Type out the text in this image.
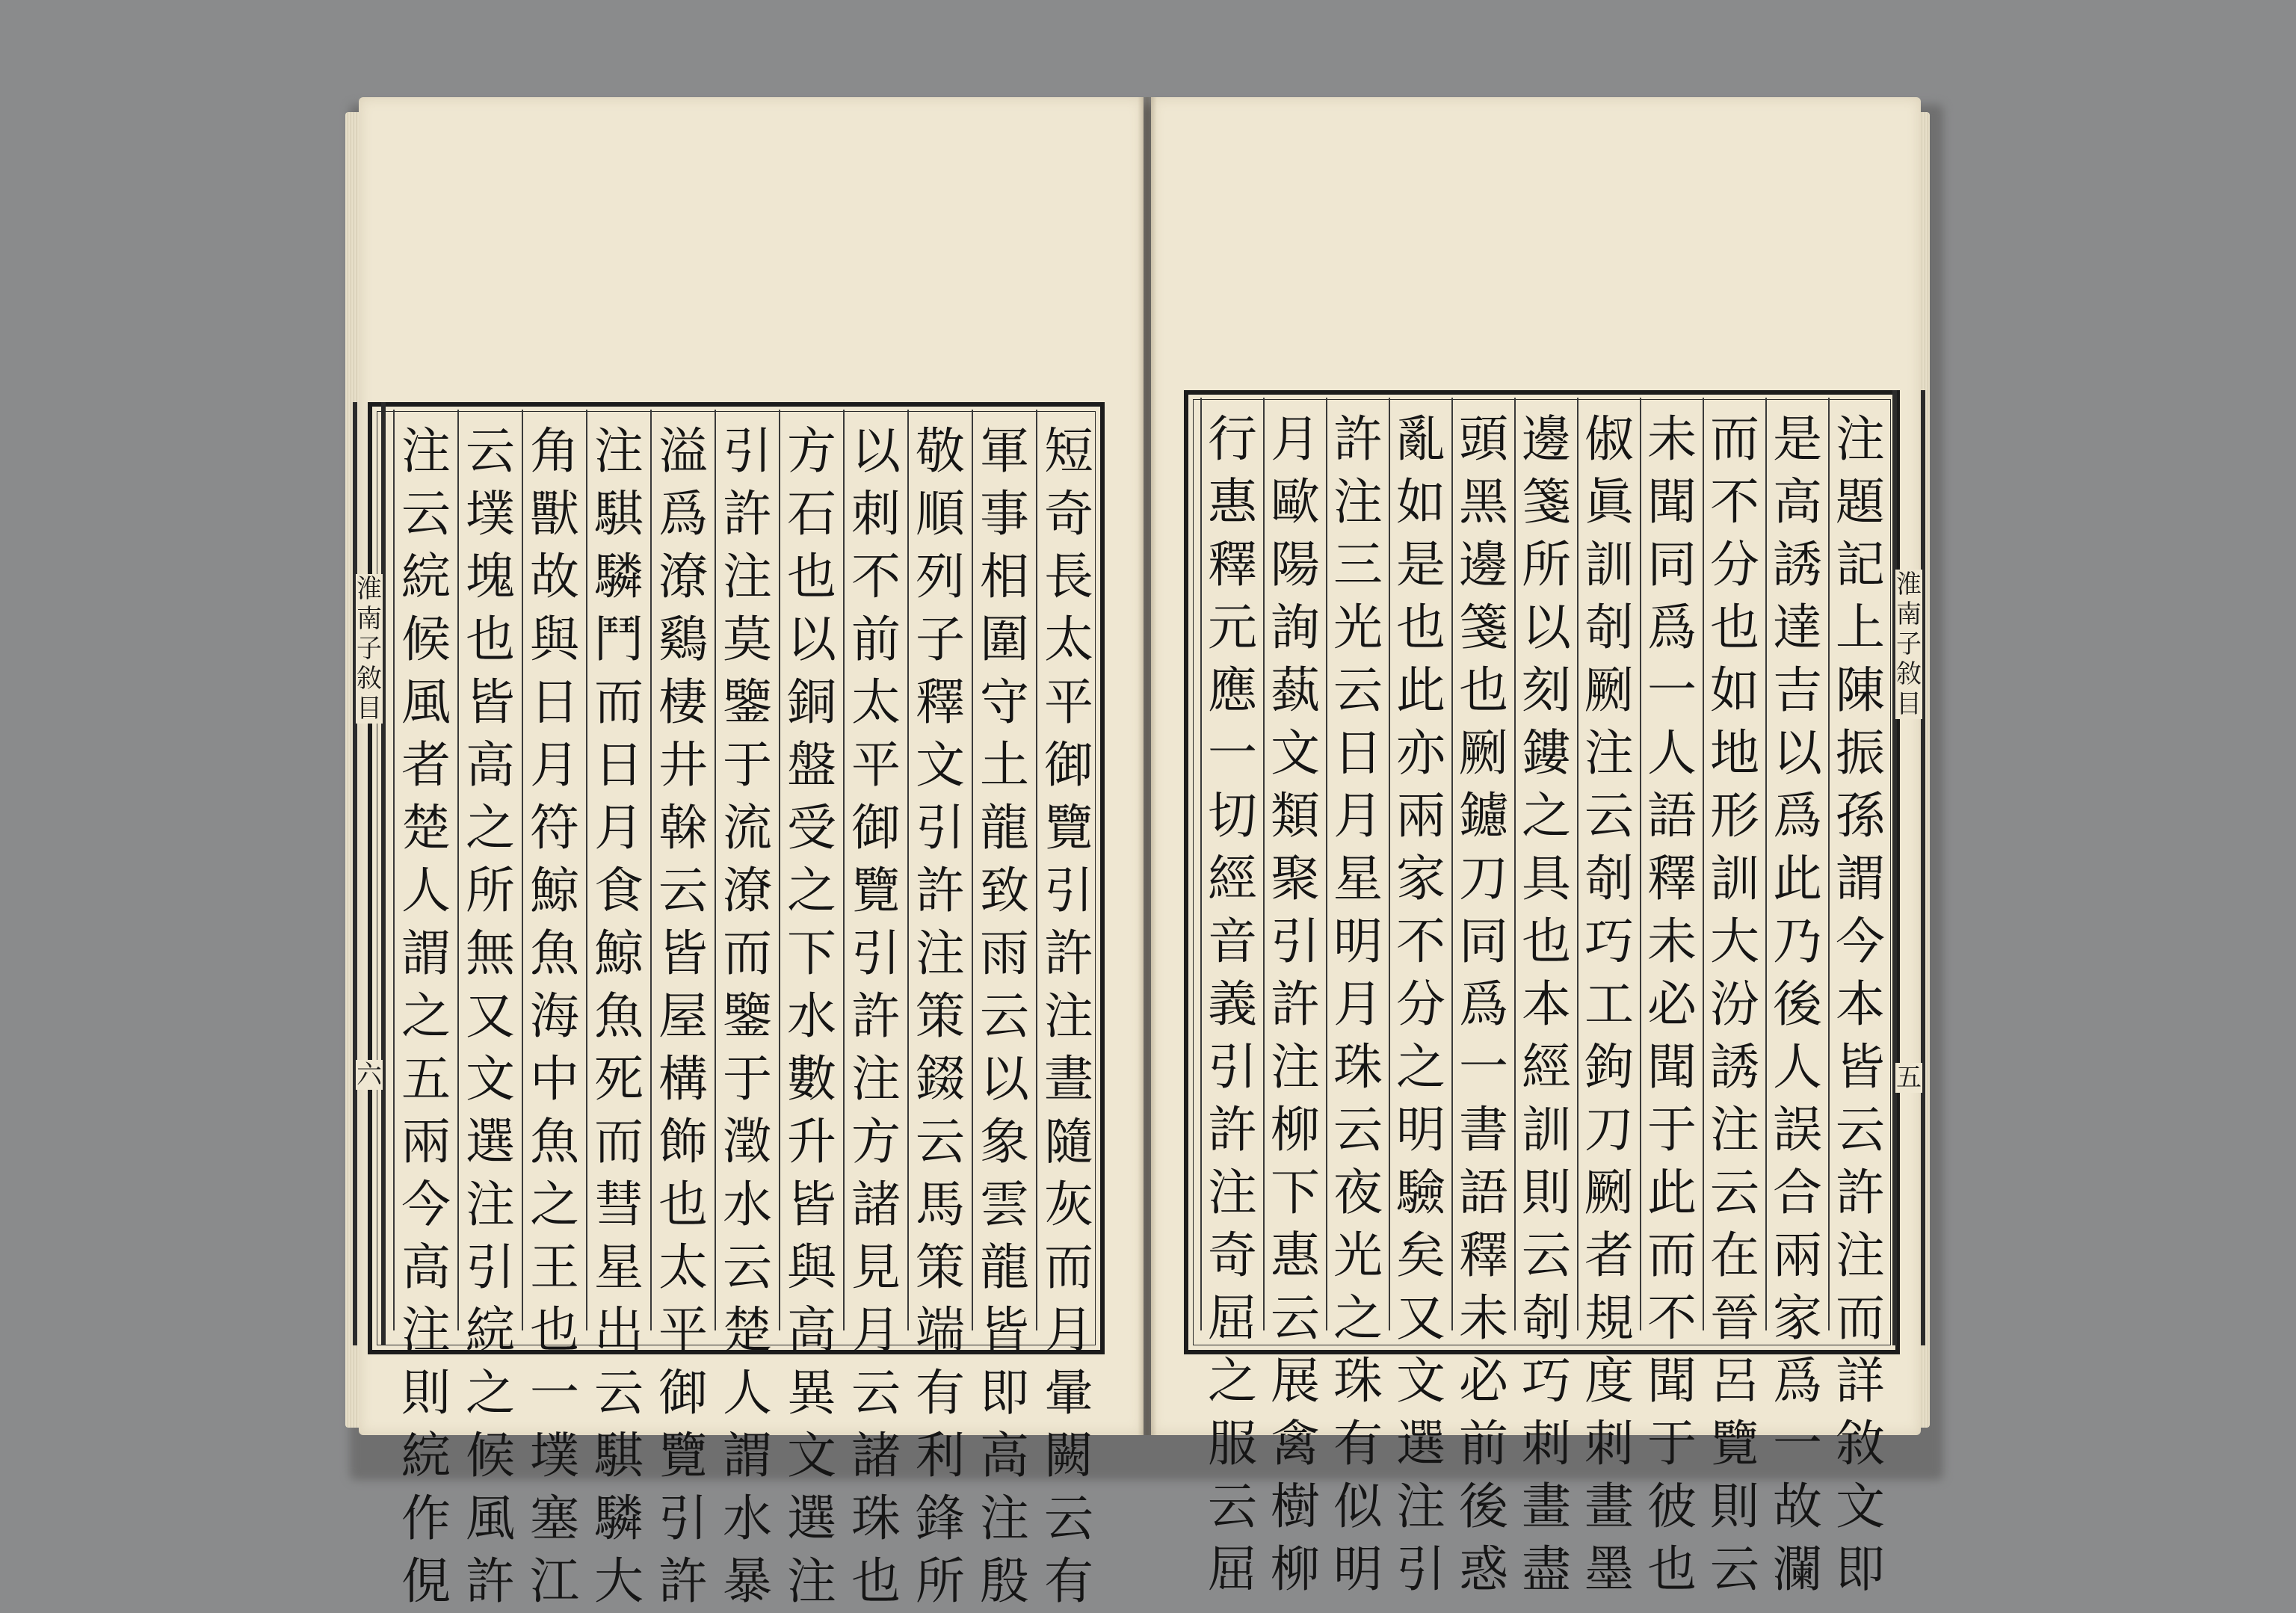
短
奇
長
太
平
御
覽
引
許
注
晝
隨
灰
而
月
暈
闕
云
有
軍
事
相
圍
守
土
龍
致
雨
云
以
象
雲
龍
皆
即
高
注
殷
敬
順
列
子
釋
文
引
許
注
策
錣
云
馬
策
端
有
利
鋒
所
以
刺
不
前
太
平
御
覽
引
許
注
方
諸
見
月
云
諸
珠
也
方
石
也
以
銅
盤
受
之
下
水
數
升
皆
與
高
異
文
選
注
引
許
注
莫
鑒
于
流
潦
而
鑒
于
澂
水
云
楚
人
謂
水
暴
溢
爲
潦
鷄
棲
井
榦
云
皆
屋
構
飾
也
太
平
御
覽
引
許
注
騏
驎
鬥
而
日
月
食
鯨
魚
死
而
彗
星
出
云
騏
驎
大
角
獸
故
與
日
月
符
鯨
魚
海
中
魚
之
王
也
一
墣
塞
江
云
墣
塊
也
皆
高
之
所
無
又
文
選
注
引
綄
之
候
風
許
注
云
綄
候
風
者
楚
人
謂
之
五
兩
今
高
注
則
綄
作
俔
淮
南
子
敘
目
六
注
題
記
上
陳
振
孫
謂
今
本
皆
云
許
注
而
詳
敘
文
即
是
高
誘
達
吉
以
爲
此
乃
後
人
誤
合
兩
家
爲
一
故
瀾
而
不
分
也
如
地
形
訓
大
汾
誘
注
云
在
晉
呂
覽
則
云
未
聞
同
爲
一
人
語
釋
未
必
聞
于
此
而
不
聞
于
彼
也
俶
眞
訓
剞
劂
注
云
剞
巧
工
鉤
刀
劂
者
規
度
刺
畫
墨
邊
箋
所
以
刻
鏤
之
具
也
本
經
訓
則
云
剞
巧
刺
畫
盡
頭
黑
邊
箋
也
劂
鑢
刀
同
爲
一
書
語
釋
未
必
前
後
惑
亂
如
是
也
此
亦
兩
家
不
分
之
明
驗
矣
又
文
選
注
引
許
注
三
光
云
日
月
星
明
月
珠
云
夜
光
之
珠
有
似
明
月
歐
陽
詢
蓺
文
類
聚
引
許
注
柳
下
惠
云
展
禽
樹
柳
行
惠
釋
元
應
一
切
經
音
義
引
許
注
奇
屈
之
服
云
屈
淮
南
子
敘
目
五
